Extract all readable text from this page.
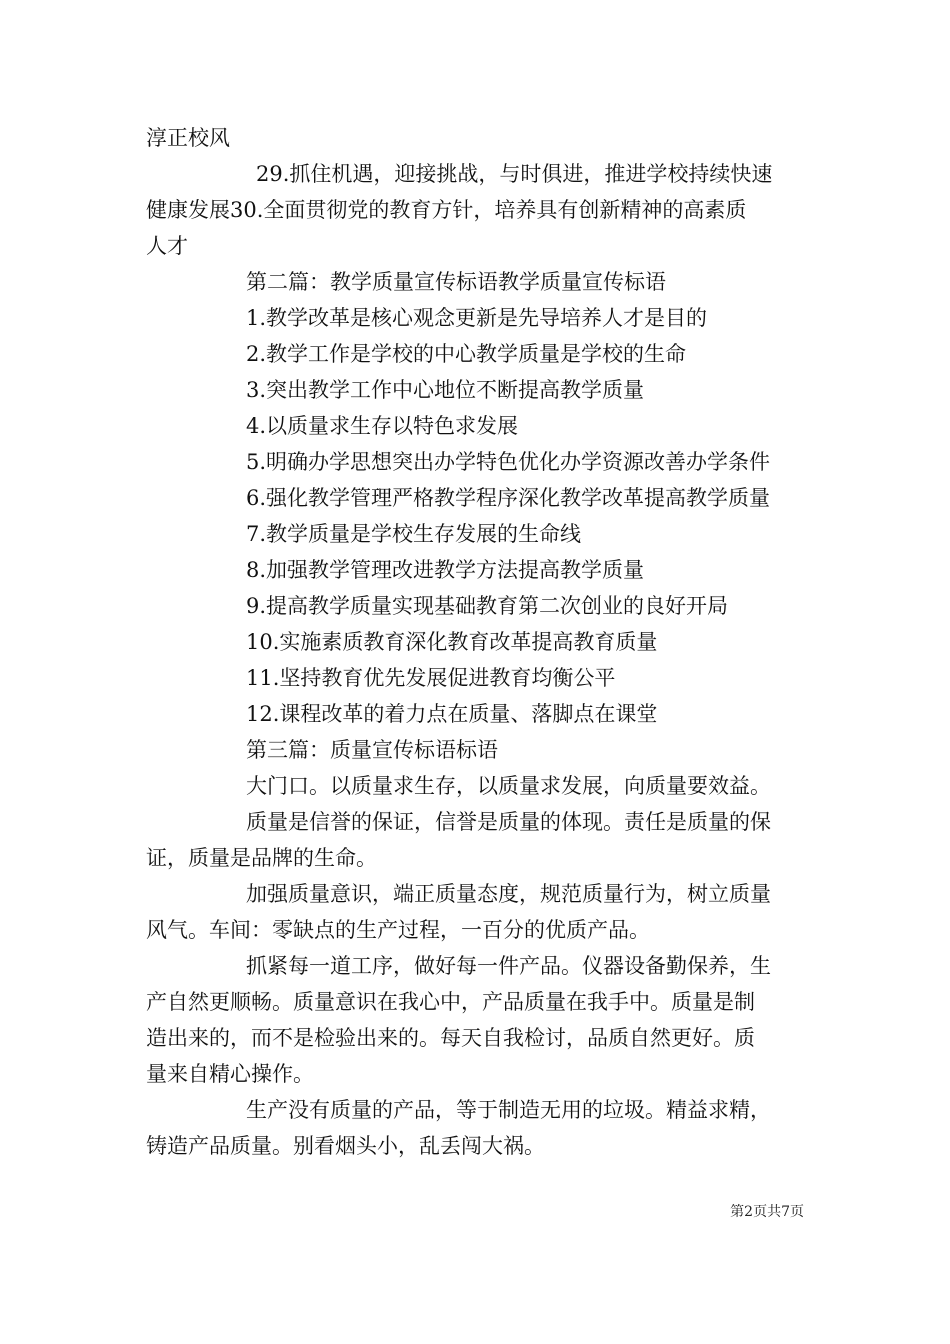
淳正校风
29.抓住机遇，迎接挑战，与时俱进，推进学校持续快速
健康发展30.全面贯彻党的教育方针，培养具有创新精神的高素质
人才
第二篇：教学质量宣传标语教学质量宣传标语
1.教学改革是核心观念更新是先导培养人才是目的
2.教学工作是学校的中心教学质量是学校的生命
3.突出教学工作中心地位不断提高教学质量
4.以质量求生存以特色求发展
5.明确办学思想突出办学特色优化办学资源改善办学条件
6.强化教学管理严格教学程序深化教学改革提高教学质量
7.教学质量是学校生存发展的生命线
8.加强教学管理改进教学方法提高教学质量
9.提高教学质量实现基础教育第二次创业的良好开局
10.实施素质教育深化教育改革提高教育质量
11.坚持教育优先发展促进教育均衡公平
12.课程改革的着力点在质量、落脚点在课堂
第三篇：质量宣传标语标语
大门口。以质量求生存，以质量求发展，向质量要效益。
质量是信誉的保证，信誉是质量的体现。责任是质量的保
证，质量是品牌的生命。
加强质量意识，端正质量态度，规范质量行为，树立质量
风气。车间：零缺点的生产过程，一百分的优质产品。
抓紧每一道工序，做好每一件产品。仪器设备勤保养，生
产自然更顺畅。质量意识在我心中，产品质量在我手中。质量是制
造出来的，而不是检验出来的。每天自我检讨，品质自然更好。质
量来自精心操作。
生产没有质量的产品，等于制造无用的垃圾。精益求精，
铸造产品质量。别看烟头小，乱丢闯大祸。
第2页共7页
